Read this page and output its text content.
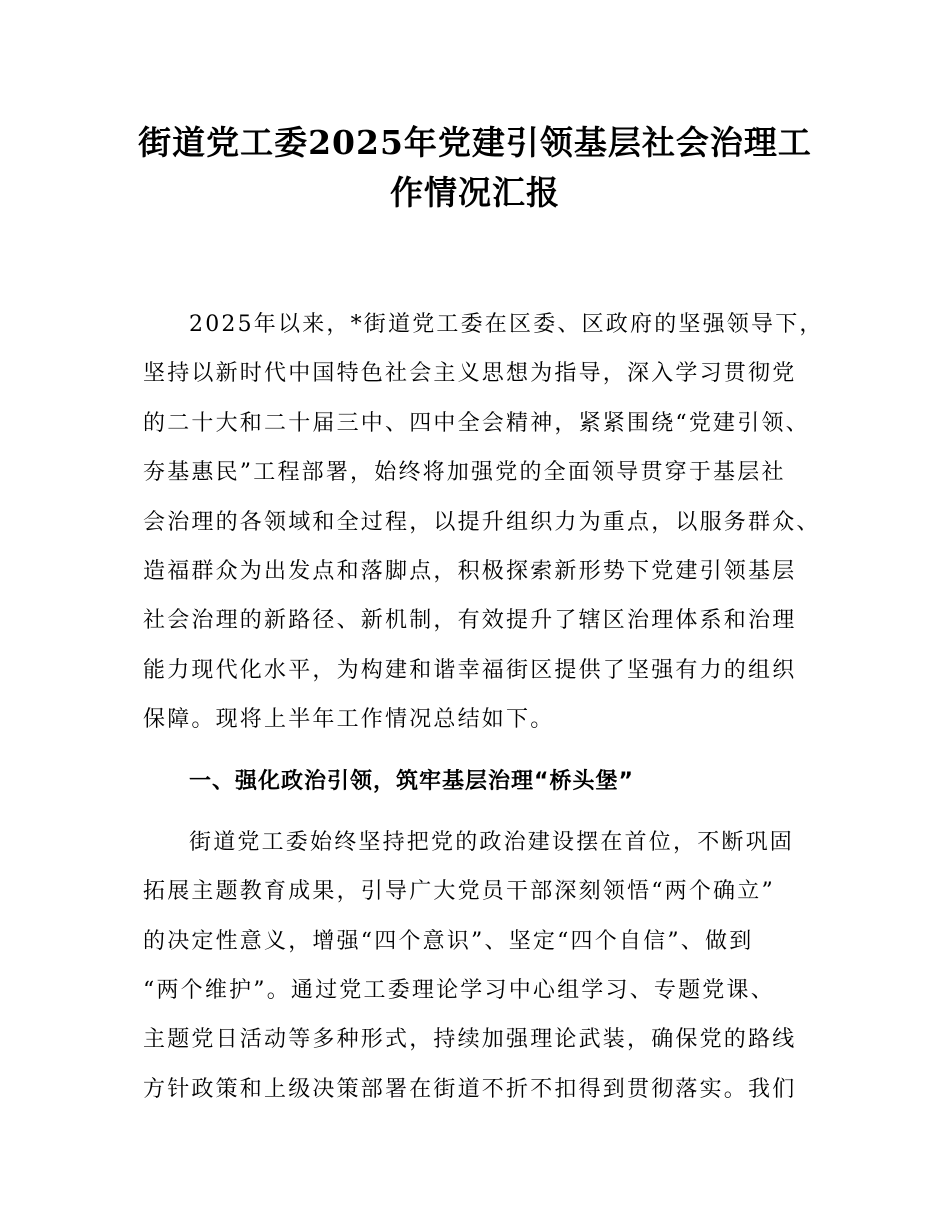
街道党工委2025年党建引领基层社会治理工
作情况汇报
2025年以来，*街道党工委在区委、区政府的坚强领导下，
坚持以新时代中国特色社会主义思想为指导，深入学习贯彻党
的二十大和二十届三中、四中全会精神，紧紧围绕“党建引领、
夯基惠民”工程部署，始终将加强党的全面领导贯穿于基层社
会治理的各领域和全过程，以提升组织力为重点，以服务群众、
造福群众为出发点和落脚点，积极探索新形势下党建引领基层
社会治理的新路径、新机制，有效提升了辖区治理体系和治理
能力现代化水平，为构建和谐幸福街区提供了坚强有力的组织
保障。现将上半年工作情况总结如下。
一、强化政治引领，筑牢基层治理“桥头堡”
街道党工委始终坚持把党的政治建设摆在首位，不断巩固
拓展主题教育成果，引导广大党员干部深刻领悟“两个确立”
的决定性意义，增强“四个意识”、坚定“四个自信”、做到
“两个维护”。通过党工委理论学习中心组学习、专题党课、
主题党日活动等多种形式，持续加强理论武装，确保党的路线
方针政策和上级决策部署在街道不折不扣得到贯彻落实。我们
